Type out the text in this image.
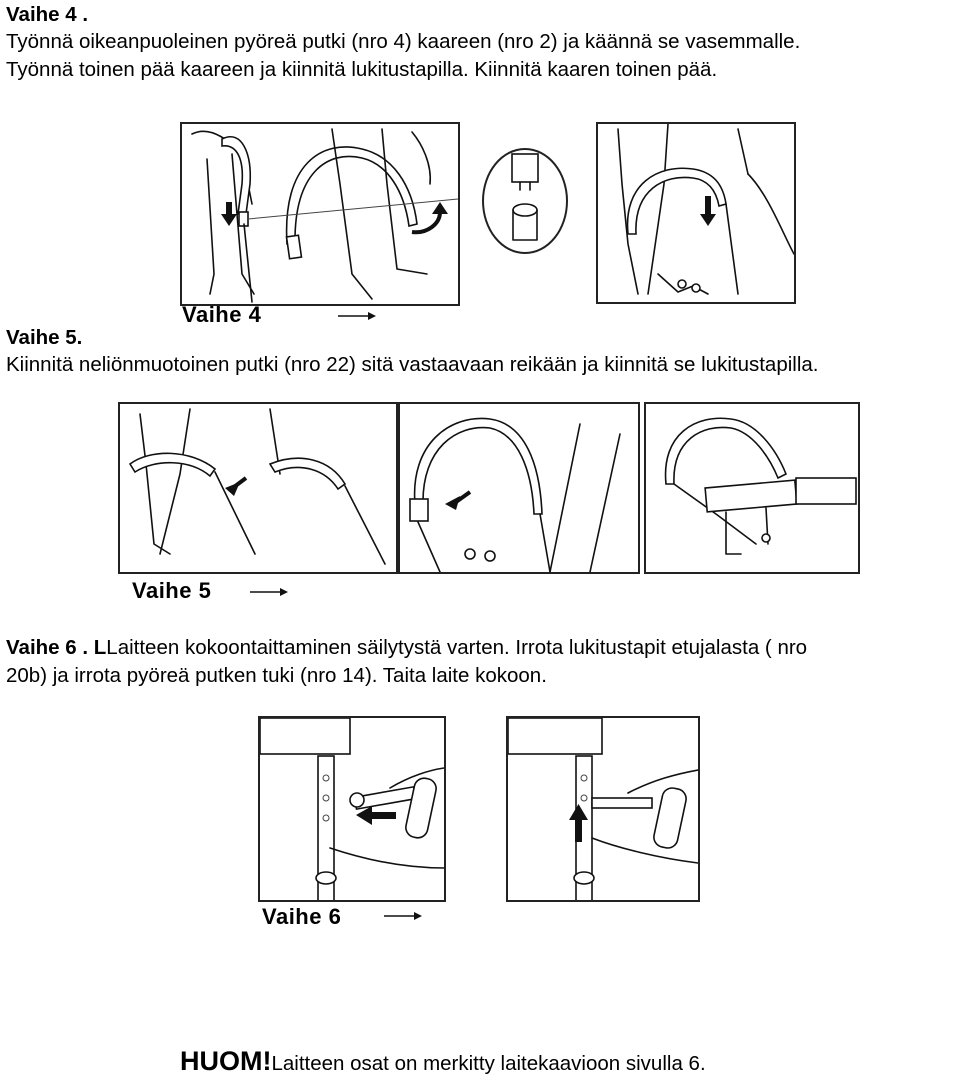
Vaihe 4 .
Työnnä oikeanpuoleinen pyöreä putki (nro 4) kaareen (nro 2) ja käännä se vasemmalle.
Työnnä toinen pää kaareen ja kiinnitä lukitustapilla. Kiinnitä kaaren toinen pää.
Vaihe 4
Vaihe 5.
Kiinnitä neliönmuotoinen putki (nro 22) sitä vastaavaan reikään ja kiinnitä se lukitustapilla.
Vaihe 5
Vaihe 6 . LLaitteen kokoontaittaminen säilytystä varten. Irrota lukitustapit etujalasta ( nro
20b) ja irrota pyöreä putken tuki (nro 14). Taita laite kokoon.
Vaihe 6
HUOM!Laitteen osat on merkitty laitekaavioon sivulla 6.
